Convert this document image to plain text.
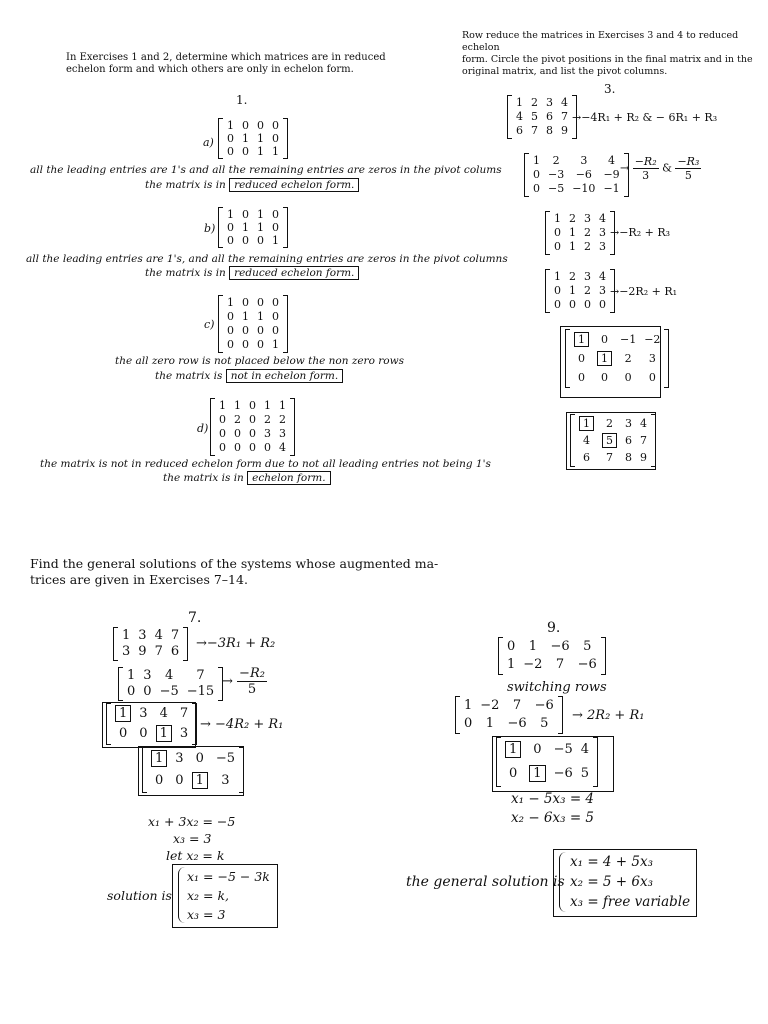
In Exercises 1 and 2, determine which matrices are in reduced
echelon form and which others are only in echelon form.
1.
a)
1	0	0	0
0	1	1	0
0	0	1	1
all the leading entries are 1's and all the remaining entries are zeros in the pivot colums
the matrix is in reduced echelon form.
b)
1	0	1	0
0	1	1	0
0	0	0	1
all the leading entries are 1's, and all the remaining entries are zeros in the pivot columns
the matrix is in reduced echelon form.
c)
1	0	0	0
0	1	1	0
0	0	0	0
0	0	0	1
the all zero row is not placed below the non zero rows
the matrix is not in echelon form.
d)
1	1	0	1	1
0	2	0	2	2
0	0	0	3	3
0	0	0	0	4
the matrix is not in reduced echelon form due to not all leading entries not being 1's
the matrix is in echelon form.
Row reduce the matrices in Exercises 3 and 4 to reduced echelon
form. Circle the pivot positions in the final matrix and in the
original matrix, and list the pivot columns.
3.
1	2	3	4
4	5	6	7
6	7	8	9
→−4R₁ + R₂ & − 6R₁ + R₃
1	2	3	4
0	−3	−6	−9
0	−5	−10	−1
→ $\frac{\text{−R₂}}{3}$ & $\frac{\text{−R₃}}{5}$
1	2	3	4
0	1	2	3
0	1	2	3
→−R₂ + R₃
1	2	3	4
0	1	2	3
0	0	0	0
→−2R₂ + R₁
1	0	−1	−2
0	1	2	3
0	0	0	0
1	2	3	4
4	5	6	7
6	7	8	9
Find the general solutions of the systems whose augmented ma-
trices are given in Exercises 7–14.
7.
1	3	4	7
3	9	7	6
→−3R₁ + R₂
1	3	4	7
0	0	−5	−15
→ $\frac{\text{−R₂}}{5}$
1	3	4	7
0	0	1	3
→ −4R₂ + R₁
1	3	0	−5
0	0	1	3
x₁ + 3x₂ = −5
x₃ = 3
let x₂ = k
solution is
x₁ = −5 − 3k
x₂ = k,
x₃ = 3
9.
0	1	−6	5
1	−2	7	−6
switching rows
1	−2	7	−6
0	1	−6	5
→ 2R₂ + R₁
1	0	−5	4
0	1	−6	5
x₁ − 5x₃ = 4
x₂ − 6x₃ = 5
the general solution is
x₁ = 4 + 5x₃
x₂ = 5 + 6x₃
x₃ = free variable
